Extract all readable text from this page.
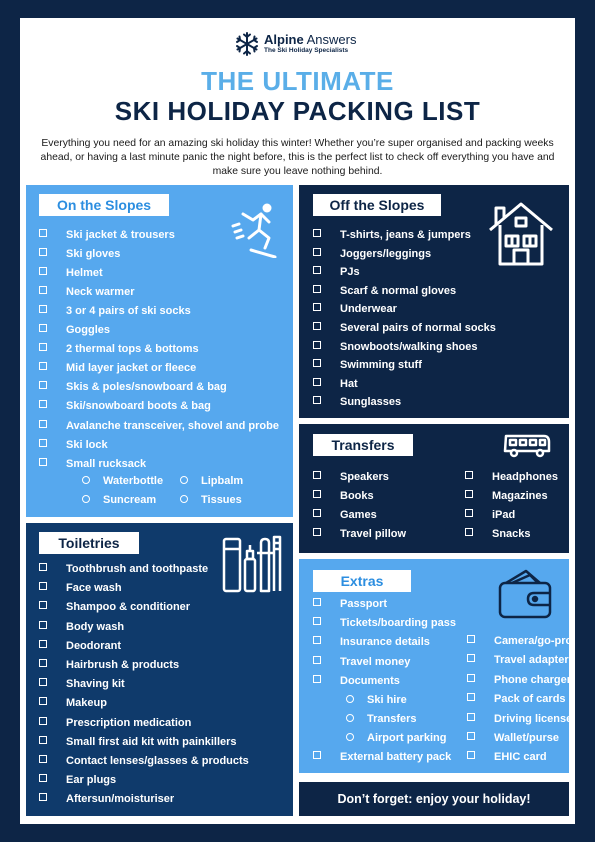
Alpine Answers
The Ski Holiday Specialists
THE ULTIMATE
SKI HOLIDAY PACKING LIST
Everything you need for an amazing ski holiday this winter! Whether you’re super organised and packing weeks ahead, or having a last minute panic the night before, this is the perfect list to check off everything you have and make sure you leave nothing behind.
Don’t forget: enjoy your holiday!
On the Slopes	Off the Slopes
Transfers
Toiletries
Extras
Ski jacket & trousers
Ski gloves
Helmet
Neck warmer
3 or 4 pairs of ski socks
Goggles
2 thermal tops & bottoms
Mid layer jacket or fleece
Skis & poles/snowboard & bag
Ski/snowboard boots & bag
Avalanche transceiver, shovel and probe
Ski lock
Small rucksack
Waterbottle	Lipbalm
Suncream	Tissues
T-shirts, jeans & jumpers
Joggers/leggings
PJs
Scarf & normal gloves
Underwear
Several pairs of normal socks
Snowboots/walking shoes
Swimming stuff
Hat
Sunglasses
Speakers
Books
Games
Travel pillow
Headphones
Magazines
iPad
Snacks
Toothbrush and toothpaste
Face wash
Shampoo & conditioner
Body wash
Deodorant
Hairbrush & products
Shaving kit
Makeup
Prescription medication
Small first aid kit with painkillers
Contact lenses/glasses & products
Ear plugs
Aftersun/moisturiser
Passport
Tickets/boarding pass
Insurance details
Travel money
Documents
Ski hire
Transfers
Airport parking
External battery pack
Camera/go-pro
Travel adapter
Phone charger
Pack of cards
Driving license
Wallet/purse
EHIC card
